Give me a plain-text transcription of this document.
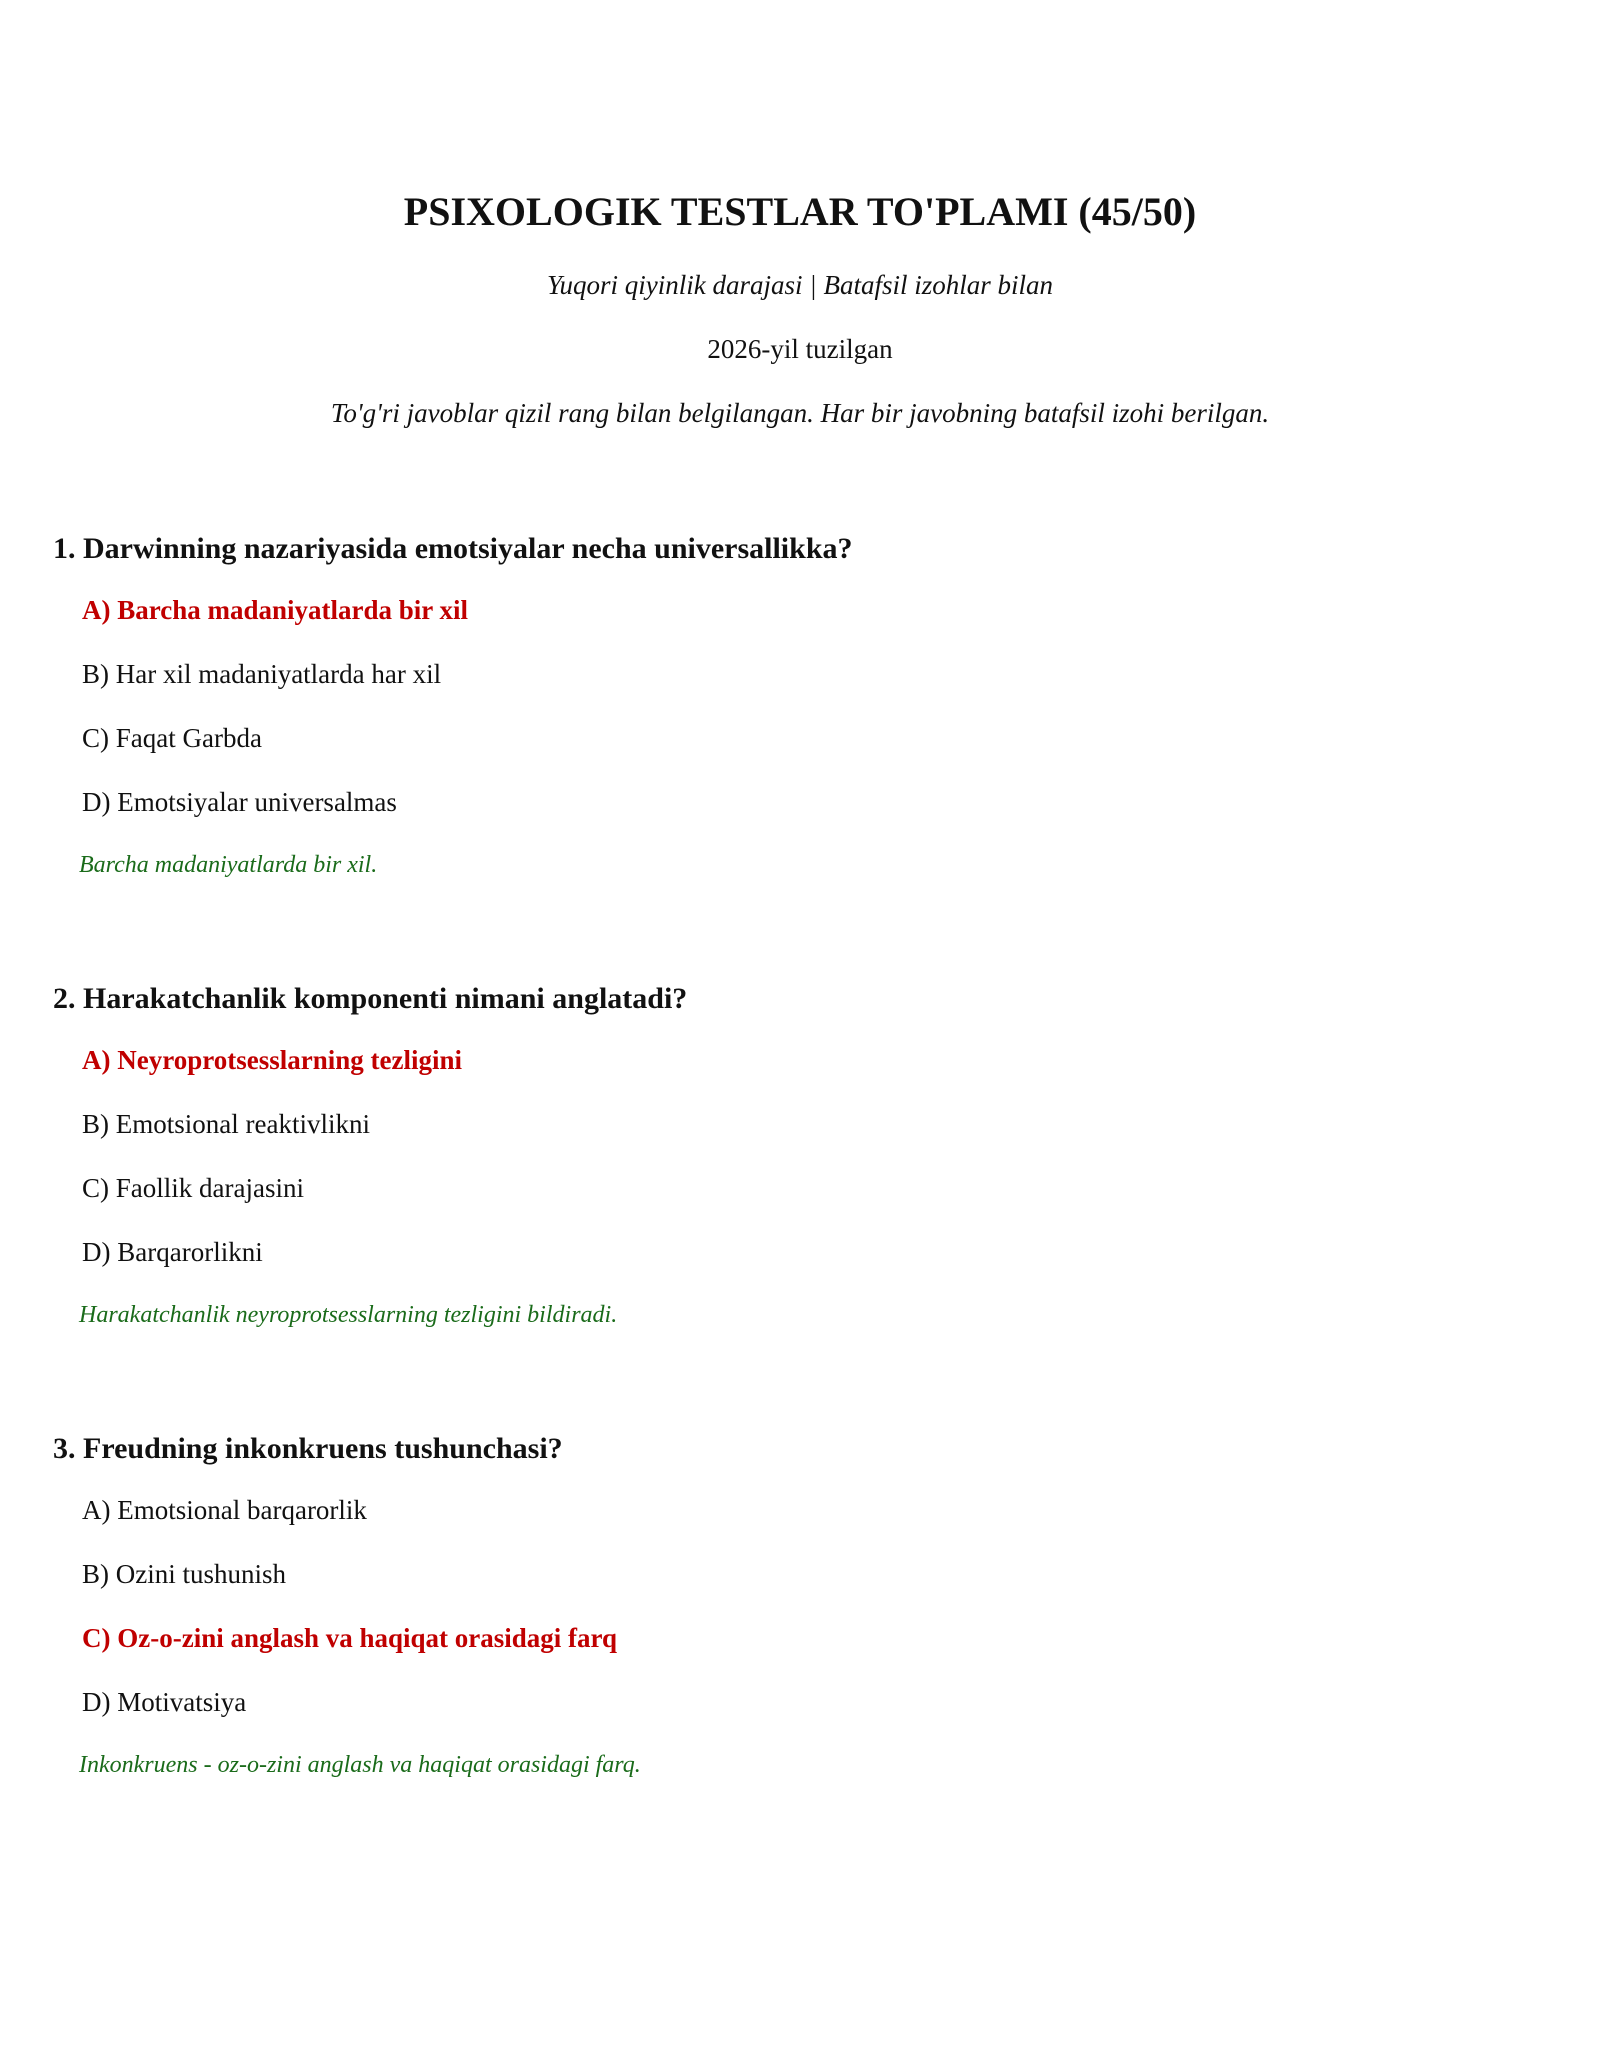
PSIXOLOGIK TESTLAR TO'PLAMI (45/50)
Yuqori qiyinlik darajasi | Batafsil izohlar bilan
2026-yil tuzilgan
To'g'ri javoblar qizil rang bilan belgilangan. Har bir javobning batafsil izohi berilgan.
1. Darwinning nazariyasida emotsiyalar necha universallikka?
A) Barcha madaniyatlarda bir xil
B) Har xil madaniyatlarda har xil
C) Faqat Garbda
D) Emotsiyalar universalmas
Barcha madaniyatlarda bir xil.
2. Harakatchanlik komponenti nimani anglatadi?
A) Neyroprotsesslarning tezligini
B) Emotsional reaktivlikni
C) Faollik darajasini
D) Barqarorlikni
Harakatchanlik neyroprotsesslarning tezligini bildiradi.
3. Freudning inkonkruens tushunchasi?
A) Emotsional barqarorlik
B) Ozini tushunish
C) Oz-o-zini anglash va haqiqat orasidagi farq
D) Motivatsiya
Inkonkruens - oz-o-zini anglash va haqiqat orasidagi farq.
